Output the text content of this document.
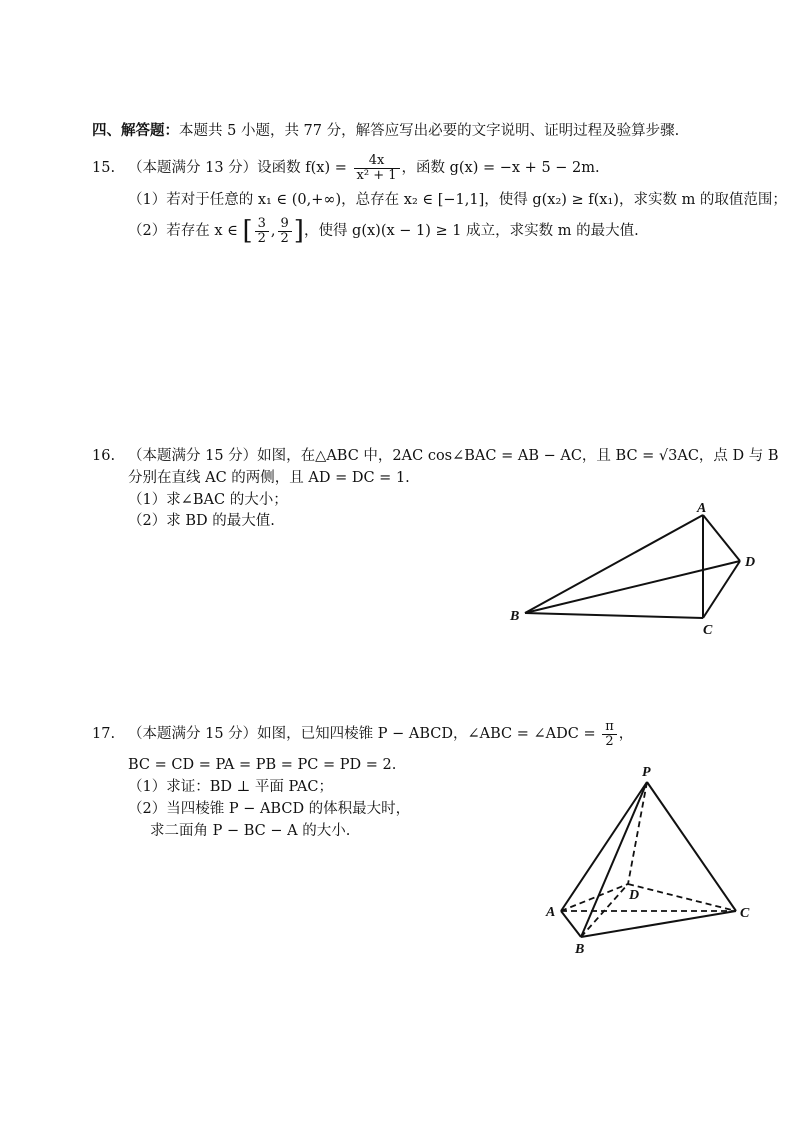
四、解答题：本题共 5 小题，共 77 分，解答应写出必要的文字说明、证明过程及验算步骤.
15. （本题满分 13 分）设函数 $f(x) = \frac{4x}{\text{x² + 1}}$ ，函数 g(x) = −x + 5 − 2m.
（1）若对于任意的 x₁ ∈ (0,+∞)，总存在 x₂ ∈ [−1,1]，使得 g(x₂) ≥ f(x₁)，求实数 m 的取值范围；
（2）若存在 x ∈ [ $\frac{3}{2}$ , $\frac{9}{2}$ ]，使得 g(x)(x − 1) ≥ 1 成立，求实数 m 的最大值.
16. （本题满分 15 分）如图，在△ABC 中，2AC cos∠BAC = AB − AC，且 BC = √3AC，点 D 与 B
分别在直线 AC 的两侧，且 AD = DC = 1.
（1）求∠BAC 的大小；
（2）求 BD 的最大值.
A
B
C
D
17. （本题满分 15 分）如图，已知四棱锥 P − ABCD，∠ABC = ∠ADC = $\frac{\pi}{2}$ ，
BC = CD = PA = PB = PC = PD = 2.
（1）求证：BD ⊥ 平面 PAC；
（2）当四棱锥 P − ABCD 的体积最大时，
求二面角 P − BC − A 的大小.
P
A
B
C
D
